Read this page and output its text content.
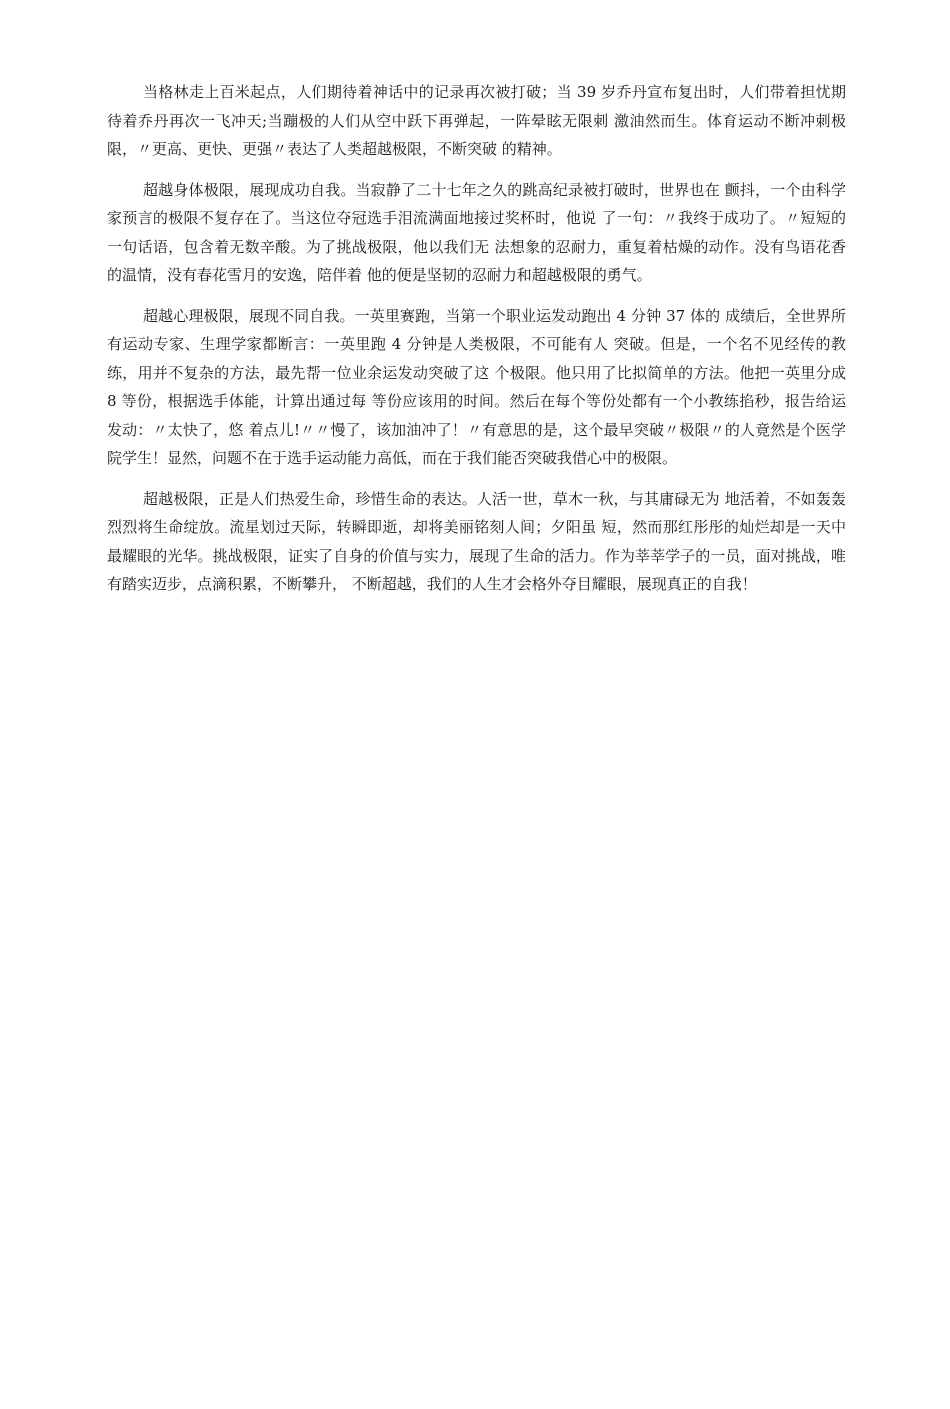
当格林走上百米起点，人们期待着神话中的记录再次被打破；当 39 岁乔丹宣布复出时，人们带着担忧期待着乔丹再次一飞冲天;当蹦极的人们从空中跃下再弹起，一阵晕眩无限刺 激油然而生。体育运动不断冲刺极限，〃更高、更快、更强〃表达了人类超越极限，不断突破 的精神。

超越身体极限，展现成功自我。当寂静了二十七年之久的跳高纪录被打破时，世界也在 颤抖，一个由科学家预言的极限不复存在了。当这位夺冠选手泪流满面地接过奖杯时，他说 了一句：〃我终于成功了。〃短短的一句话语，包含着无数辛酸。为了挑战极限，他以我们无 法想象的忍耐力，重复着枯燥的动作。没有鸟语花香的温情，没有春花雪月的安逸，陪伴着 他的便是坚韧的忍耐力和超越极限的勇气。

超越心理极限，展现不同自我。一英里赛跑，当第一个职业运发动跑出 4 分钟 37 体的 成绩后，全世界所有运动专家、生理学家都断言：一英里跑 4 分钟是人类极限，不可能有人 突破。但是，一个名不见经传的教练，用并不复杂的方法，最先帮一位业余运发动突破了这 个极限。他只用了比拟简单的方法。他把一英里分成 8 等份，根据选手体能，计算出通过每 等份应该用的时间。然后在每个等份处都有一个小教练掐秒，报告给运发动：〃太快了，悠 着点儿!〃〃慢了，该加油冲了！〃有意思的是，这个最早突破〃极限〃的人竟然是个医学院学生！显然，问题不在于选手运动能力高低，而在于我们能否突破我借心中的极限。

超越极限，正是人们热爱生命，珍惜生命的表达。人活一世，草木一秋，与其庸碌无为 地活着，不如轰轰烈烈将生命绽放。流星划过天际，转瞬即逝，却将美丽铭刻人间；夕阳虽 短，然而那红彤彤的灿烂却是一天中最耀眼的光华。挑战极限，证实了自身的价值与实力，展现了生命的活力。作为莘莘学子的一员，面对挑战，唯有踏实迈步，点滴积累，不断攀升， 不断超越，我们的人生才会格外夺目耀眼，展现真正的自我！
